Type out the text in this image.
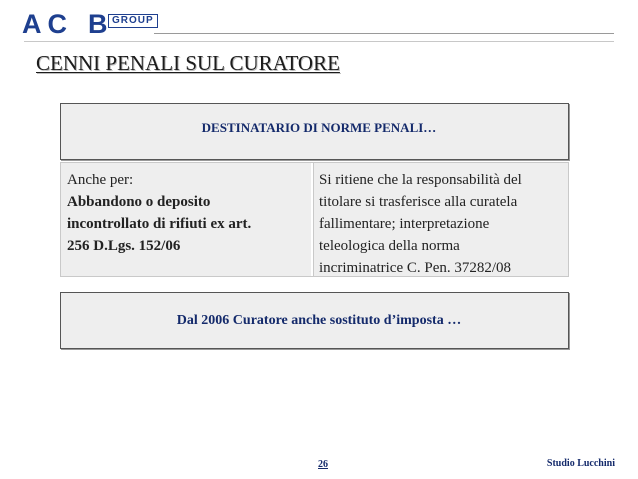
AC B GROUP
CENNI PENALI SUL CURATORE
DESTINATARIO DI NORME PENALI…
Anche per:
Abbandono o deposito
incontrollato di rifiuti ex art.
256 D.Lgs. 152/06
Si ritiene che la responsabilità del
titolare si trasferisce alla curatela
fallimentare; interpretazione
teleologica della norma
incriminatrice C. Pen. 37282/08
Dal 2006 Curatore anche sostituto d’imposta …
26	Studio Lucchini
